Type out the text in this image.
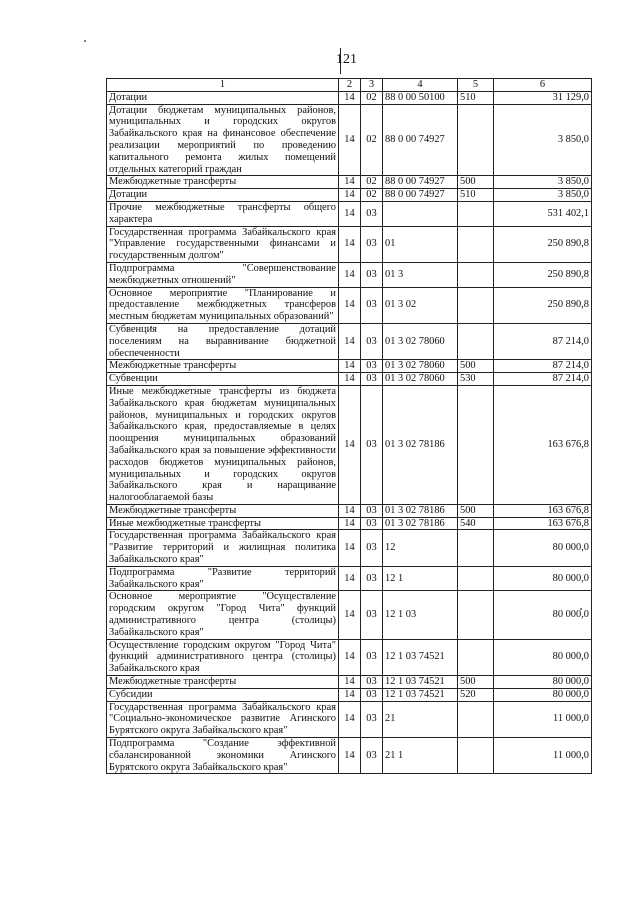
121
1	2	3	4	5	6
Дотации	14	02	88 0 00 50100	510	31 129,0
Дотации бюджетам муниципальных районов, муниципальных и городских округов Забайкальского края на финансовое обеспечение реализации мероприятий по проведению капитального ремонта жилых помещений отдельных категорий граждан	14	02	88 0 00 74927		3 850,0
Межбюджетные трансферты	14	02	88 0 00 74927	500	3 850,0
Дотации	14	02	88 0 00 74927	510	3 850,0
Прочие межбюджетные трансферты общего характера	14	03			531 402,1
Государственная программа Забайкальского края "Управление государственными финансами и государственным долгом"	14	03	01		250 890,8
Подпрограмма "Совершенствование межбюджетных отношений"	14	03	01 3		250 890,8
Основное мероприятие "Планирование и предоставление межбюджетных трансферов местным бюджетам муниципальных образований"	14	03	01 3 02		250 890,8
Субвенция на предоставление дотаций поселениям на выравнивание бюджетной обеспеченности	14	03	01 3 02 78060		87 214,0
Межбюджетные трансферты	14	03	01 3 02 78060	500	87 214,0
Субвенции	14	03	01 3 02 78060	530	87 214,0
Иные межбюджетные трансферты из бюджета Забайкальского края бюджетам муниципальных районов, муниципальных и городских округов Забайкальского края, предоставляемые в целях поощрения муниципальных образований Забайкальского края за повышение эффективности расходов бюджетов муниципальных районов, муниципальных и городских округов Забайкальского края и наращивание налогооблагаемой базы	14	03	01 3 02 78186		163 676,8
Межбюджетные трансферты	14	03	01 3 02 78186	500	163 676,8
Иные межбюджетные трансферты	14	03	01 3 02 78186	540	163 676,8
Государственная программа Забайкальского края "Развитие территорий и жилищная политика Забайкальского края"	14	03	12		80 000,0
Подпрограмма "Развитие территорий Забайкальского края"	14	03	12 1		80 000,0
Основное мероприятие "Осуществление городским округом "Город Чита" функций административного центра (столицы) Забайкальского края"	14	03	12 1 03		80 000,0
Осуществление городским округом "Город Чита" функций административного центра (столицы) Забайкальского края	14	03	12 1 03 74521		80 000,0
Межбюджетные трансферты	14	03	12 1 03 74521	500	80 000,0
Субсидии	14	03	12 1 03 74521	520	80 000,0
Государственная программа Забайкальского края "Социально-экономическое развитие Агинского Бурятского округа Забайкальского края"	14	03	21		11 000,0
Подпрограмма "Создание эффективной сбалансированной экономики Агинского Бурятского округа Забайкальского края"	14	03	21 1		11 000,0
